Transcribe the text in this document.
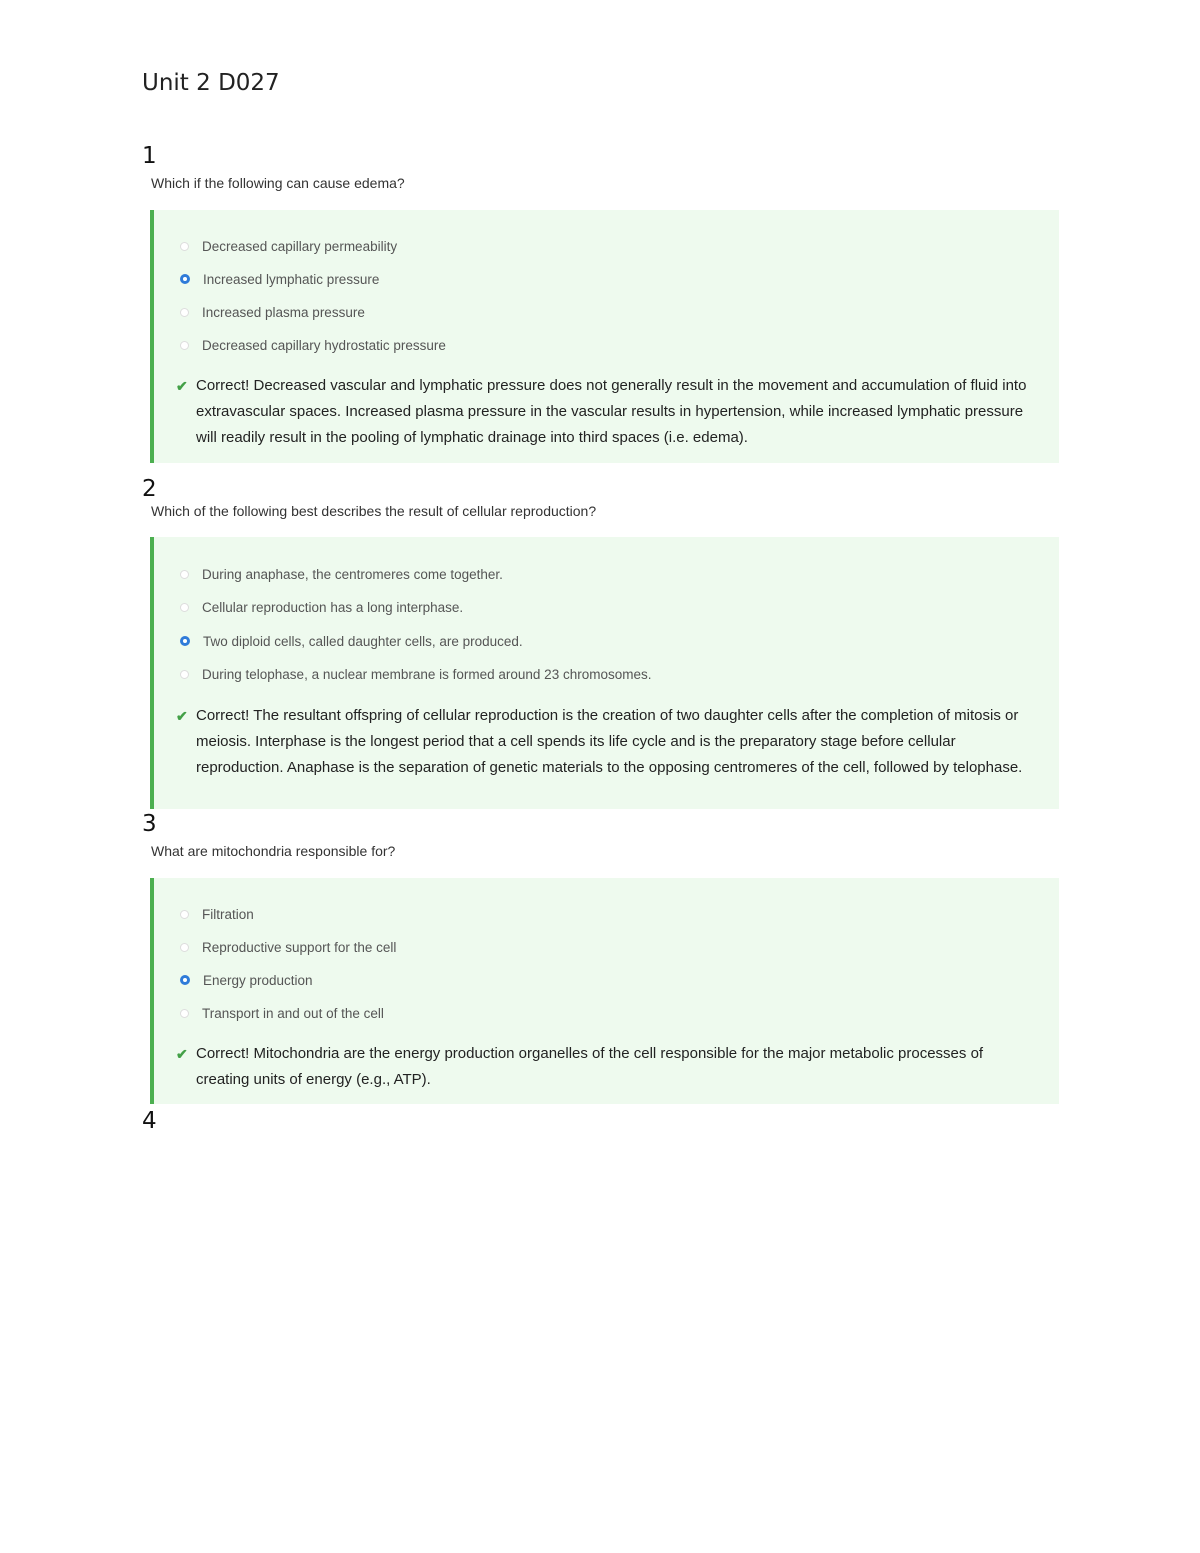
Unit 2 D027
1
Which if the following can cause edema?
Decreased capillary permeability
Increased lymphatic pressure
Increased plasma pressure
Decreased capillary hydrostatic pressure
✔ Correct! Decreased vascular and lymphatic pressure does not generally result in the movement and accumulation of fluid into extravascular spaces. Increased plasma pressure in the vascular results in hypertension, while increased lymphatic pressure will readily result in the pooling of lymphatic drainage into third spaces (i.e. edema).
2
Which of the following best describes the result of cellular reproduction?
During anaphase, the centromeres come together.
Cellular reproduction has a long interphase.
Two diploid cells, called daughter cells, are produced.
During telophase, a nuclear membrane is formed around 23 chromosomes.
✔ Correct! The resultant offspring of cellular reproduction is the creation of two daughter cells after the completion of mitosis or meiosis. Interphase is the longest period that a cell spends its life cycle and is the preparatory stage before cellular reproduction. Anaphase is the separation of genetic materials to the opposing centromeres of the cell, followed by telophase.
3
What are mitochondria responsible for?
Filtration
Reproductive support for the cell
Energy production
Transport in and out of the cell
✔ Correct! Mitochondria are the energy production organelles of the cell responsible for the major metabolic processes of creating units of energy (e.g., ATP).
4
